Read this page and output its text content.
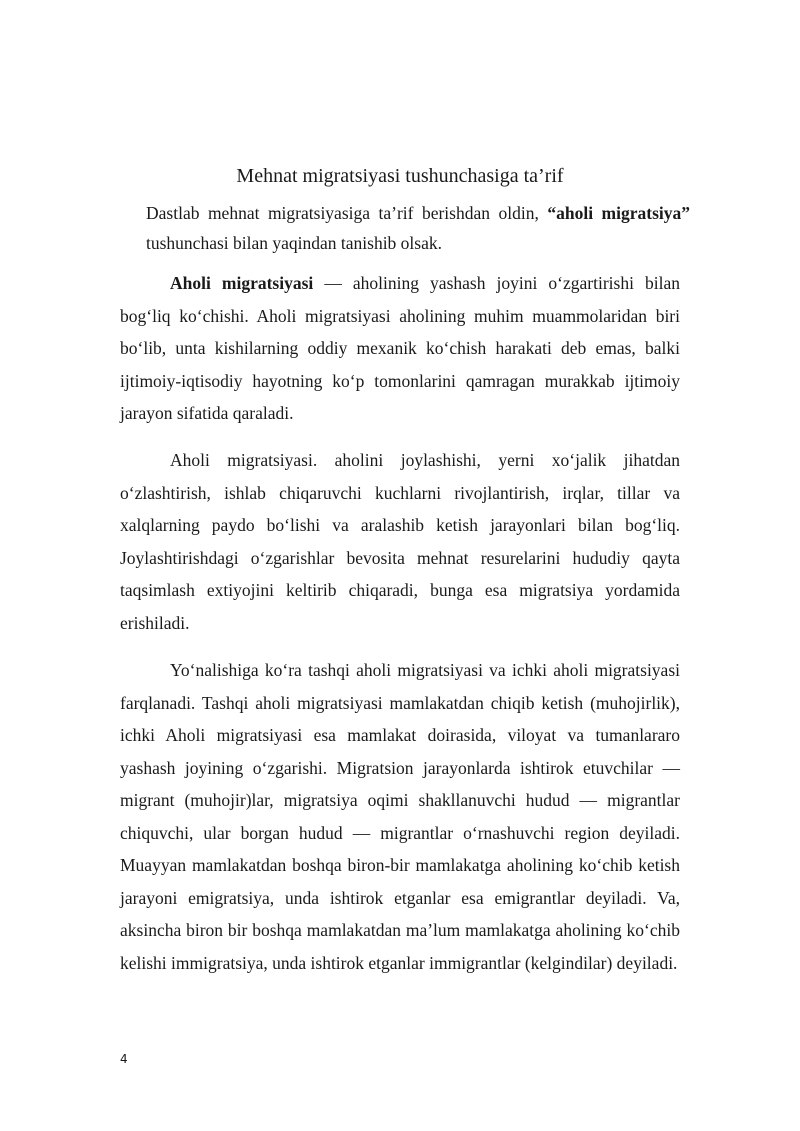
Mehnat migratsiyasi tushunchasiga ta’rif

Dastlab mehnat migratsiyasiga ta’rif berishdan oldin, “aholi migratsiya” tushunchasi bilan yaqindan tanishib olsak.

Aholi migratsiyasi — aholining yashash joyini oʻzgartirishi bilan bogʻliq koʻchishi. Aholi migratsiyasi aholining muhim muammolaridan biri boʻlib, unta kishilarning oddiy mexanik koʻchish harakati deb emas, balki ijtimoiy-iqtisodiy hayotning koʻp tomonlarini qamragan murakkab ijtimoiy jarayon sifatida qaraladi.

Aholi migratsiyasi. aholini joylashishi, yerni xoʻjalik jihatdan oʻzlashtirish, ishlab chiqaruvchi kuchlarni rivojlantirish, irqlar, tillar va xalqlarning paydo boʻlishi va aralashib ketish jarayonlari bilan bogʻliq. Joylashtirishdagi oʻzgarishlar bevosita mehnat resurelarini hududiy qayta taqsimlash extiyojini keltirib chiqaradi, bunga esa migratsiya yordamida erishiladi.

Yoʻnalishiga koʻra tashqi aholi migratsiyasi va ichki aholi migratsiyasi farqlanadi. Tashqi aholi migratsiyasi mamlakatdan chiqib ketish (muhojirlik), ichki Aholi migratsiyasi esa mamlakat doirasida, viloyat va tumanlararo yashash joyining oʻzgarishi. Migratsion jarayonlarda ishtirok etuvchilar — migrant (muhojir)lar, migratsiya oqimi shakllanuvchi hudud — migrantlar chiquvchi, ular borgan hudud — migrantlar oʻrnashuvchi region deyiladi. Muayyan mamlakatdan boshqa biron-bir mamlakatga aholining koʻchib ketish jarayoni emigratsiya, unda ishtirok etganlar esa emigrantlar deyiladi. Va, aksincha biron bir boshqa mamlakatdan ma’lum mamlakatga aholining koʻchib kelishi immigratsiya, unda ishtirok etganlar immigrantlar (kelgindilar) deyiladi.

4
